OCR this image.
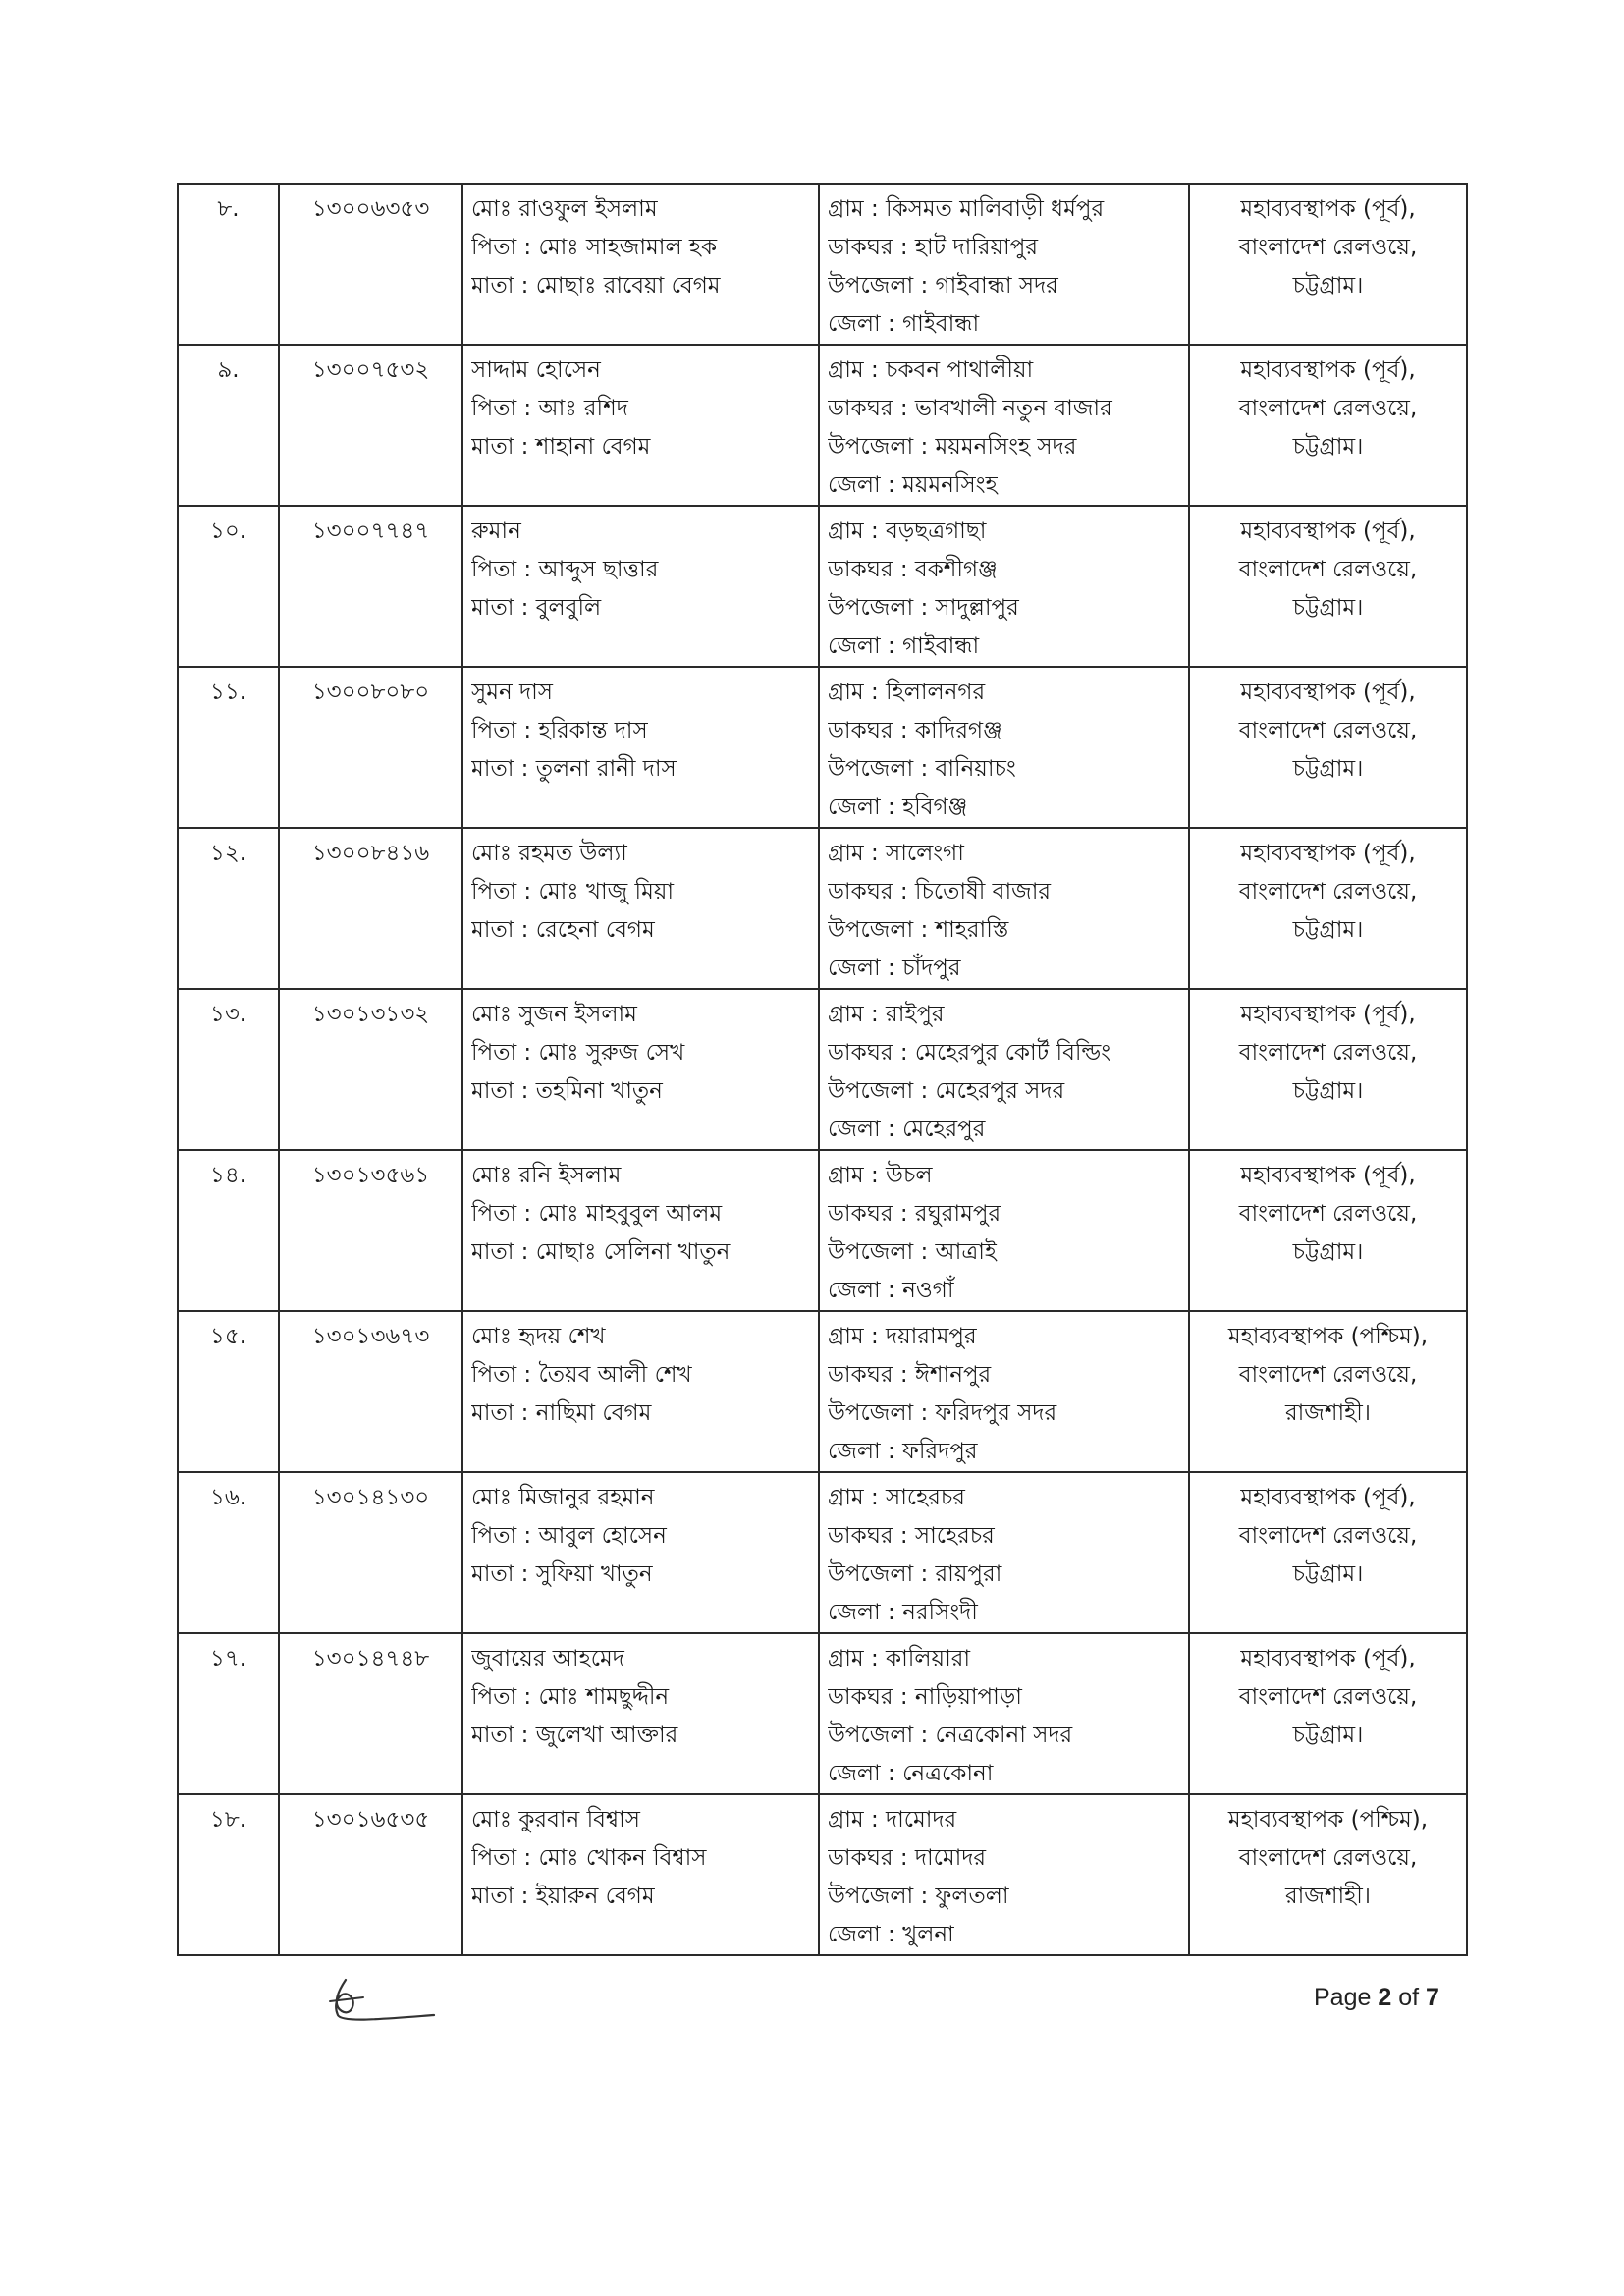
৮.	১৩০০৬৩৫৩	মোঃ রাওফুল ইসলাম
পিতা : মোঃ সাহজামাল হক
মাতা : মোছাঃ রাবেয়া বেগম	গ্রাম : কিসমত মালিবাড়ী ধর্মপুর
ডাকঘর : হাট দারিয়াপুর
উপজেলা : গাইবান্ধা সদর
জেলা : গাইবান্ধা	মহাব্যবস্থাপক (পূর্ব),
বাংলাদেশ রেলওয়ে,
চট্টগ্রাম।

৯.	১৩০০৭৫৩২	সাদ্দাম হোসেন
পিতা : আঃ রশিদ
মাতা : শাহানা বেগম	গ্রাম : চকবন পাথালীয়া
ডাকঘর : ভাবখালী নতুন বাজার
উপজেলা : ময়মনসিংহ সদর
জেলা : ময়মনসিংহ	মহাব্যবস্থাপক (পূর্ব),
বাংলাদেশ রেলওয়ে,
চট্টগ্রাম।

১০.	১৩০০৭৭৪৭	রুমান
পিতা : আব্দুস ছাত্তার
মাতা : বুলবুলি	গ্রাম : বড়ছত্রগাছা
ডাকঘর : বকশীগঞ্জ
উপজেলা : সাদুল্লাপুর
জেলা : গাইবান্ধা	মহাব্যবস্থাপক (পূর্ব),
বাংলাদেশ রেলওয়ে,
চট্টগ্রাম।

১১.	১৩০০৮০৮০	সুমন দাস
পিতা : হরিকান্ত দাস
মাতা : তুলনা রানী দাস	গ্রাম : হিলালনগর
ডাকঘর : কাদিরগঞ্জ
উপজেলা : বানিয়াচং
জেলা : হবিগঞ্জ	মহাব্যবস্থাপক (পূর্ব),
বাংলাদেশ রেলওয়ে,
চট্টগ্রাম।

১২.	১৩০০৮৪১৬	মোঃ রহমত উল্যা
পিতা : মোঃ খাজু মিয়া
মাতা : রেহেনা বেগম	গ্রাম : সালেংগা
ডাকঘর : চিতোষী বাজার
উপজেলা : শাহরাস্তি
জেলা : চাঁদপুর	মহাব্যবস্থাপক (পূর্ব),
বাংলাদেশ রেলওয়ে,
চট্টগ্রাম।

১৩.	১৩০১৩১৩২	মোঃ সুজন ইসলাম
পিতা : মোঃ সুরুজ সেখ
মাতা : তহমিনা খাতুন	গ্রাম : রাইপুর
ডাকঘর : মেহেরপুর কোর্ট বিল্ডিং
উপজেলা : মেহেরপুর সদর
জেলা : মেহেরপুর	মহাব্যবস্থাপক (পূর্ব),
বাংলাদেশ রেলওয়ে,
চট্টগ্রাম।

১৪.	১৩০১৩৫৬১	মোঃ রনি ইসলাম
পিতা : মোঃ মাহবুবুল আলম
মাতা : মোছাঃ সেলিনা খাতুন	গ্রাম : উচল
ডাকঘর : রঘুরামপুর
উপজেলা : আত্রাই
জেলা : নওগাঁ	মহাব্যবস্থাপক (পূর্ব),
বাংলাদেশ রেলওয়ে,
চট্টগ্রাম।

১৫.	১৩০১৩৬৭৩	মোঃ হৃদয় শেখ
পিতা : তৈয়ব আলী শেখ
মাতা : নাছিমা বেগম	গ্রাম : দয়ারামপুর
ডাকঘর : ঈশানপুর
উপজেলা : ফরিদপুর সদর
জেলা : ফরিদপুর	মহাব্যবস্থাপক (পশ্চিম),
বাংলাদেশ রেলওয়ে,
রাজশাহী।

১৬.	১৩০১৪১৩০	মোঃ মিজানুর রহমান
পিতা : আবুল হোসেন
মাতা : সুফিয়া খাতুন	গ্রাম : সাহেরচর
ডাকঘর : সাহেরচর
উপজেলা : রায়পুরা
জেলা : নরসিংদী	মহাব্যবস্থাপক (পূর্ব),
বাংলাদেশ রেলওয়ে,
চট্টগ্রাম।

১৭.	১৩০১৪৭৪৮	জুবায়ের আহমেদ
পিতা : মোঃ শামছুদ্দীন
মাতা : জুলেখা আক্তার	গ্রাম : কালিয়ারা
ডাকঘর : নাড়িয়াপাড়া
উপজেলা : নেত্রকোনা সদর
জেলা : নেত্রকোনা	মহাব্যবস্থাপক (পূর্ব),
বাংলাদেশ রেলওয়ে,
চট্টগ্রাম।

১৮.	১৩০১৬৫৩৫	মোঃ কুরবান বিশ্বাস
পিতা : মোঃ খোকন বিশ্বাস
মাতা : ইয়ারুন বেগম	গ্রাম : দামোদর
ডাকঘর : দামোদর
উপজেলা : ফুলতলা
জেলা : খুলনা	মহাব্যবস্থাপক (পশ্চিম),
বাংলাদেশ রেলওয়ে,
রাজশাহী।
Page 2 of 7
